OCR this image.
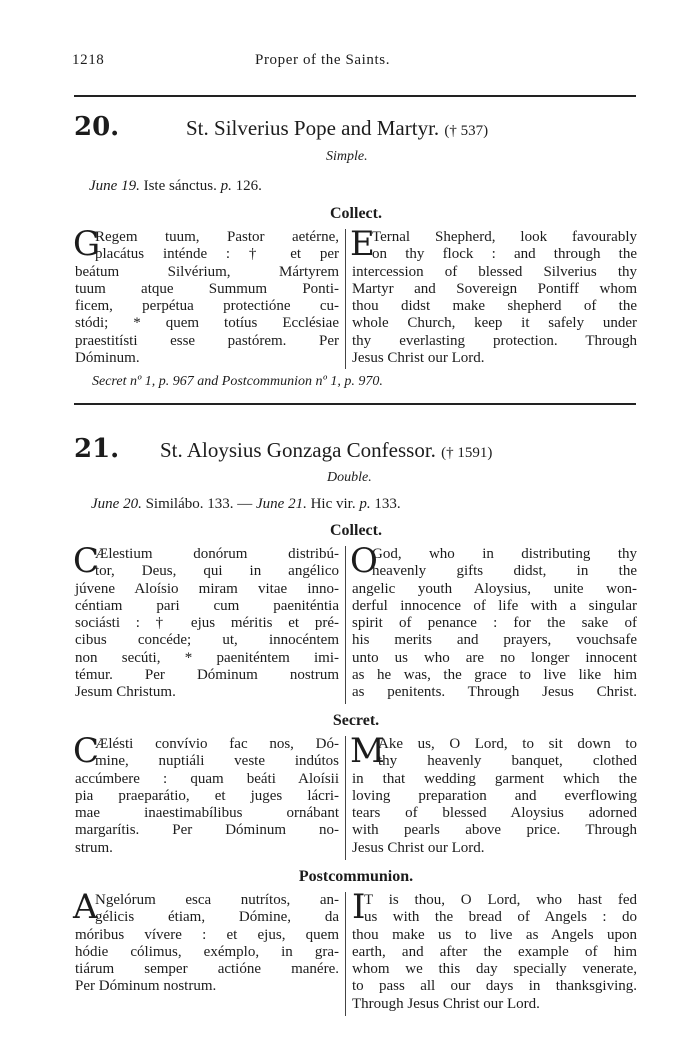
1218	Proper of the Saints.
20.	St. Silverius Pope and Martyr. († 537)
Simple.
June 19. Iste sánctus. p. 126.
Collect.
G

Regem tuum, Pastor aetérne,

placátus inténde : † et per

beátum Silvérium, Mártyrem

tuum atque Summum Ponti-

ficem, perpétua protectióne cu-

stódi; * quem totíus Ecclésiae

praestitísti esse pastórem. Per

Dóminum.

E

Ternal Shepherd, look favourably

on thy flock : and through the

intercession of blessed Silverius thy

Martyr and Sovereign Pontiff whom

thou didst make shepherd of the

whole Church, keep it safely under

thy everlasting protection. Through

Jesus Christ our Lord.

Secret nº 1, p. 967 and Postcommunion nº 1, p. 970.
21. St. Aloysius Gonzaga Confessor. († 1591)
Double.
June 20. Similábo. 133. — June 21. Hic vir. p. 133.
Collect.
C

Ælestium donórum distribú-

tor, Deus, qui in angélico

júvene Aloísio miram vitae inno-

céntiam pari cum paeniténtia

sociásti : † ejus méritis et pré-

cibus concéde; ut, innocéntem

non secúti, * paeniténtem imi-

témur. Per Dóminum nostrum

Jesum Christum.

O

God, who in distributing thy

heavenly gifts didst, in the

angelic youth Aloysius, unite won-

derful innocence of life with a singular

spirit of penance : for the sake of

his merits and prayers, vouchsafe

unto us who are no longer innocent

as he was, the grace to live like him

as penitents. Through Jesus Christ.

Secret.
C

Ælésti convívio fac nos, Dó-

mine, nuptiáli veste indútos

accúmbere : quam beáti Aloísii

pia praeparátio, et juges lácri-

mae inaestimabílibus ornábant

margarítis. Per Dóminum no-

strum.

M

Ake us, O Lord, to sit down to

thy heavenly banquet, clothed

in that wedding garment which the

loving preparation and everflowing

tears of blessed Aloysius adorned

with pearls above price. Through

Jesus Christ our Lord.

Postcommunion.
A

Ngelórum esca nutrítos, an-

gélicis étiam, Dómine, da

móribus vívere : et ejus, quem

hódie cólimus, exémplo, in gra-

tiárum semper actióne manére.

Per Dóminum nostrum.

I

T is thou, O Lord, who hast fed

us with the bread of Angels : do

thou make us to live as Angels upon

earth, and after the example of him

whom we this day specially venerate,

to pass all our days in thanksgiving.

Through Jesus Christ our Lord.
